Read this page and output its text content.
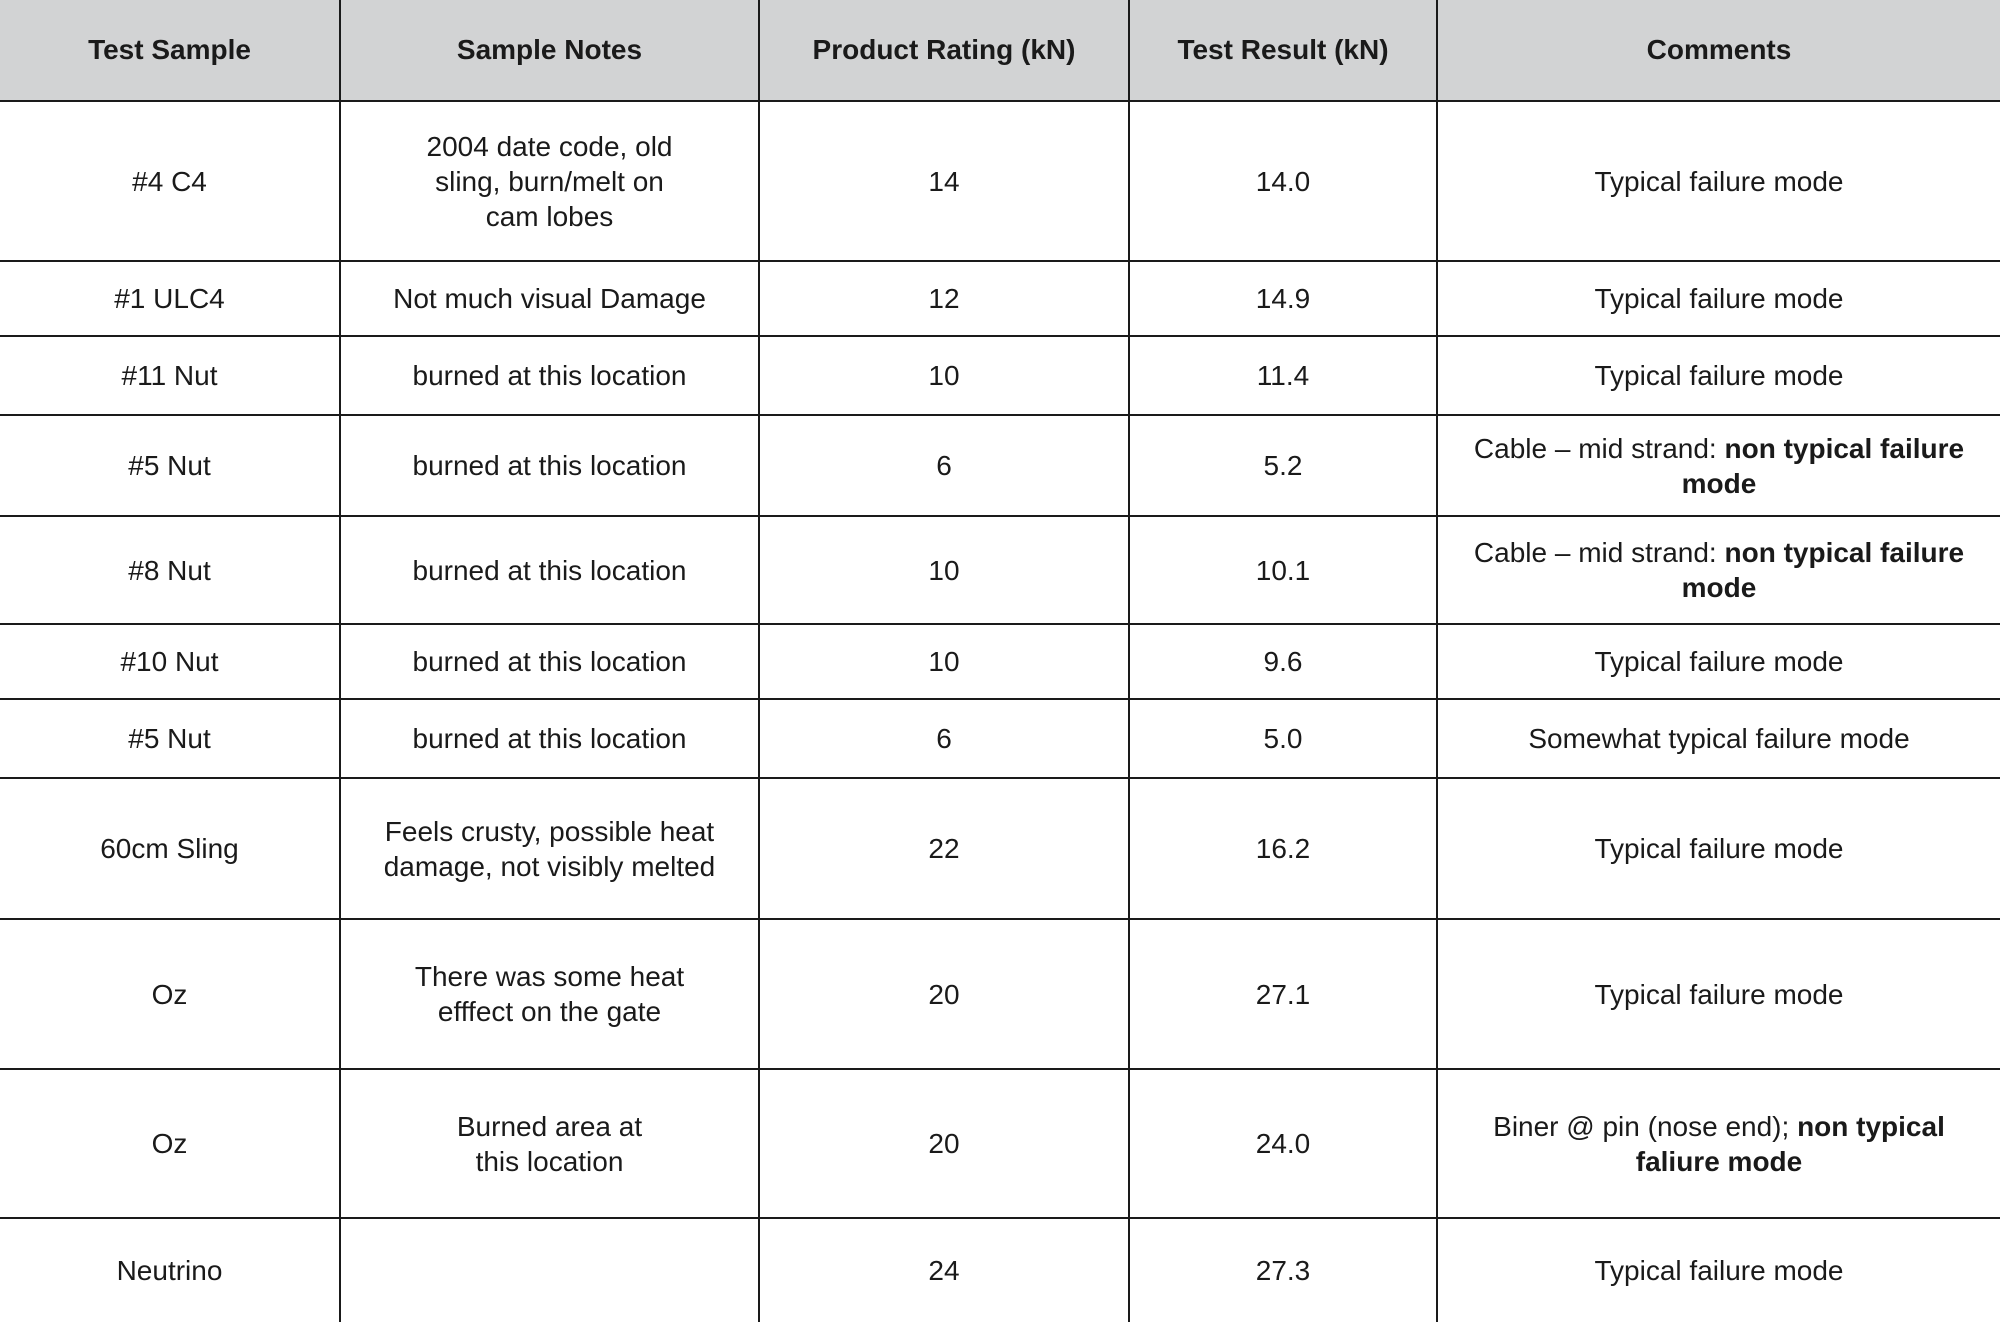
Test Sample	Sample Notes	Product Rating (kN)	Test Result (kN)	Comments
#4 C4	2004 date code, old
sling, burn/melt on
cam lobes	14	14.0	Typical failure mode
#1 ULC4	Not much visual Damage	12	14.9	Typical failure mode
#11 Nut	burned at this location	10	11.4	Typical failure mode
#5 Nut	burned at this location	6	5.2	Cable – mid strand: non typical failure mode
#8 Nut	burned at this location	10	10.1	Cable – mid strand: non typical failure mode
#10 Nut	burned at this location	10	9.6	Typical failure mode
#5 Nut	burned at this location	6	5.0	Somewhat typical failure mode
60cm Sling	Feels crusty, possible heat
damage, not visibly melted	22	16.2	Typical failure mode
Oz	There was some heat
efffect on the gate	20	27.1	Typical failure mode
Oz	Burned area at
this location	20	24.0	Biner @ pin (nose end); non typical faliure mode
Neutrino		24	27.3	Typical failure mode
